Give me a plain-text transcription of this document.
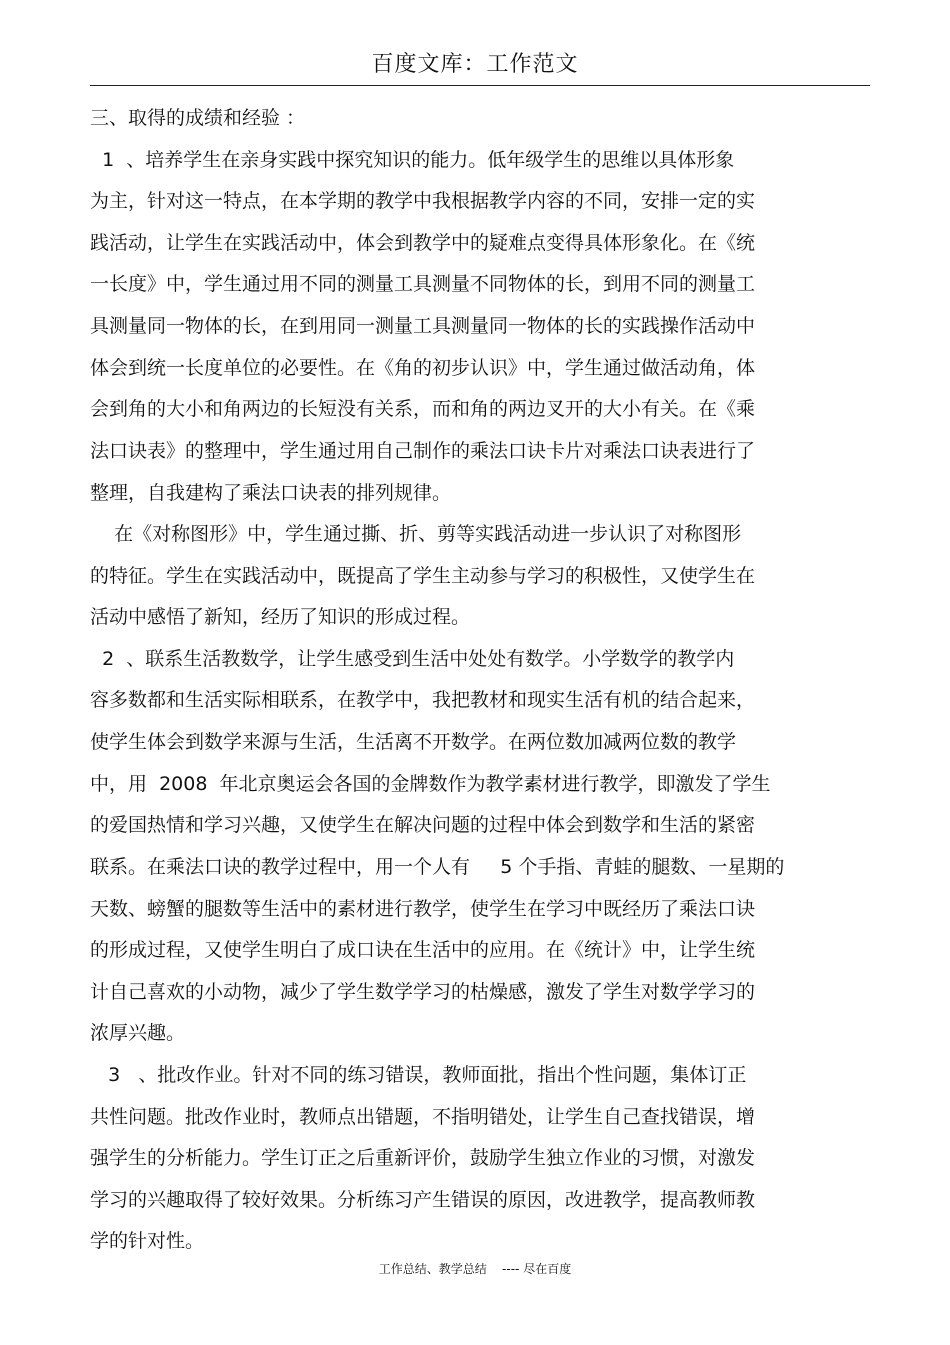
百度文库：工作范文
三、取得的成绩和经验 ：
1  、培养学生在亲身实践中探究知识的能力。低年级学生的思维以具体形象
为主，针对这一特点，在本学期的教学中我根据教学内容的不同，安排一定的实
践活动，让学生在实践活动中，体会到教学中的疑难点变得具体形象化。在《统
一长度》中，学生通过用不同的测量工具测量不同物体的长，到用不同的测量工
具测量同一物体的长，在到用同一测量工具测量同一物体的长的实践操作活动中
体会到统一长度单位的必要性。在《角的初步认识》中，学生通过做活动角，体
会到角的大小和角两边的长短没有关系，而和角的两边叉开的大小有关。在《乘
法口诀表》的整理中，学生通过用自己制作的乘法口诀卡片对乘法口诀表进行了
整理，自我建构了乘法口诀表的排列规律。
在《对称图形》中，学生通过撕、折、剪等实践活动进一步认识了对称图形
的特征。学生在实践活动中，既提高了学生主动参与学习的积极性，又使学生在
活动中感悟了新知，经历了知识的形成过程。
2  、联系生活教数学，让学生感受到生活中处处有数学。小学数学的教学内
容多数都和生活实际相联系，在教学中，我把教材和现实生活有机的结合起来，
使学生体会到数学来源与生活，生活离不开数学。在两位数加减两位数的教学
中，用  2008  年北京奥运会各国的金牌数作为教学素材进行教学，即激发了学生
的爱国热情和学习兴趣，又使学生在解决问题的过程中体会到数学和生活的紧密
联系。在乘法口诀的教学过程中，用一个人有     5 个手指、青蛙的腿数、一星期的
天数、螃蟹的腿数等生活中的素材进行教学，使学生在学习中既经历了乘法口诀
的形成过程，又使学生明白了成口诀在生活中的应用。在《统计》中，让学生统
计自己喜欢的小动物，减少了学生数学学习的枯燥感，激发了学生对数学学习的
浓厚兴趣。
3   、批改作业。针对不同的练习错误，教师面批，指出个性问题，集体订正
共性问题。批改作业时，教师点出错题，不指明错处，让学生自己查找错误，增
强学生的分析能力。学生订正之后重新评价，鼓励学生独立作业的习惯，对激发
学习的兴趣取得了较好效果。分析练习产生错误的原因，改进教学，提高教师教
学的针对性。
工作总结、教学总结    ---- 尽在百度
